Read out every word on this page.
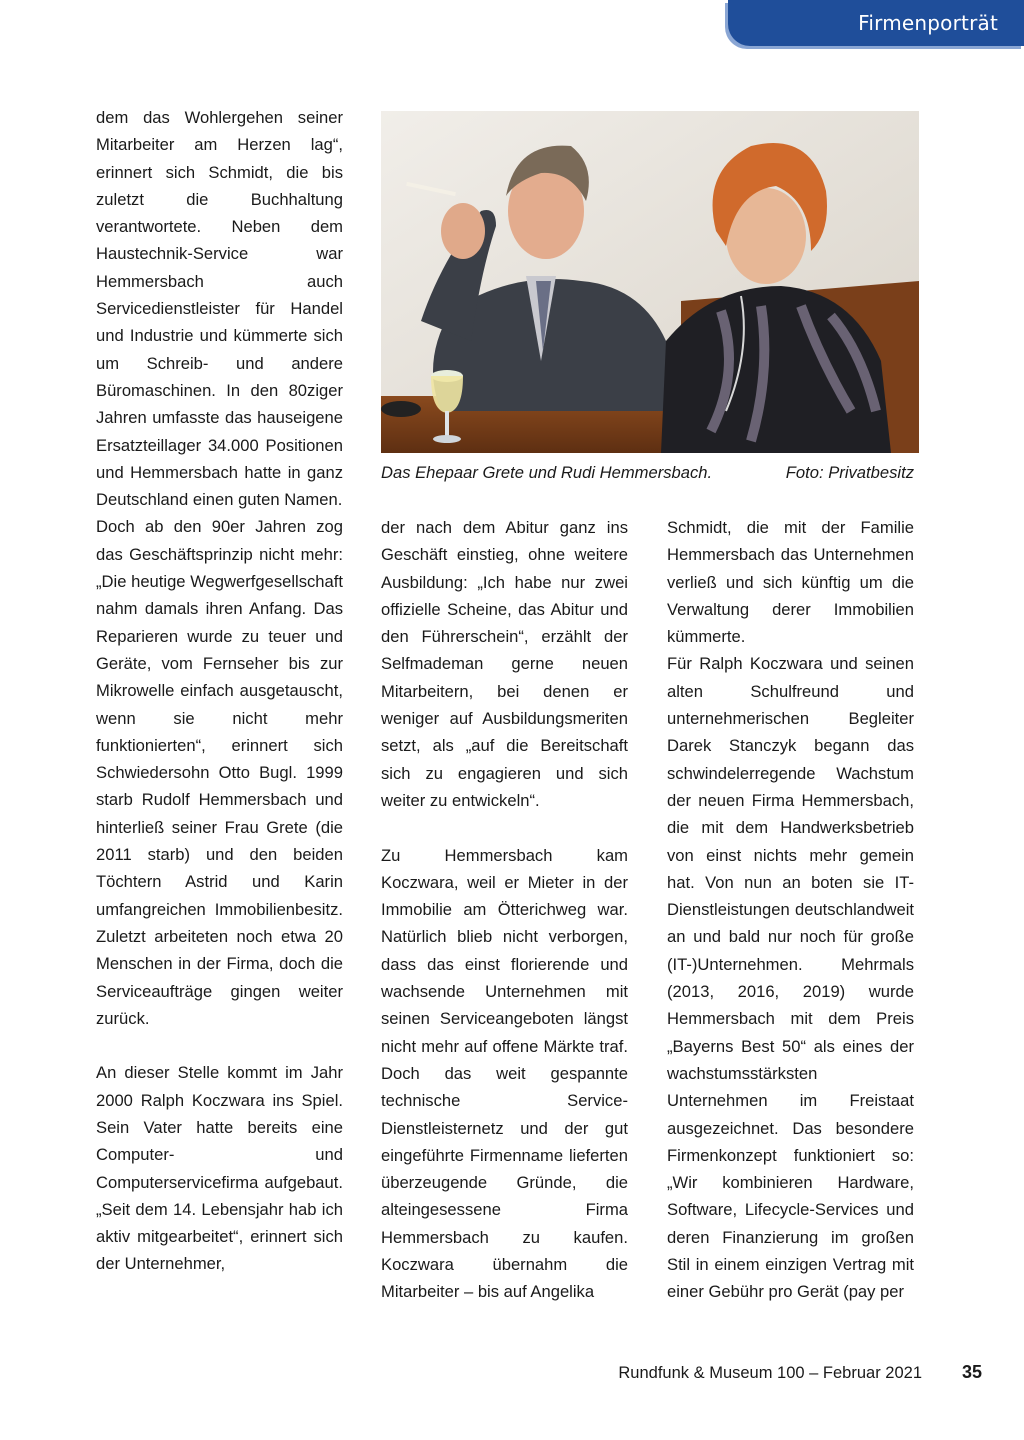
Firmenporträt

dem das Wohlergehen seiner Mitarbeiter am Herzen lag“, erinnert sich Schmidt, die bis zuletzt die Buchhaltung verantwortete. Neben dem Haustechnik-Service war Hemmersbach auch Servicedienstleister für Handel und Industrie und kümmerte sich um Schreib- und andere Büromaschinen. In den 80ziger Jahren umfasste das hauseigene Ersatzteillager 34.000 Positionen und Hemmersbach hatte in ganz Deutschland einen guten Namen.

Doch ab den 90er Jahren zog das Geschäftsprinzip nicht mehr: „Die heutige Wegwerfgesellschaft nahm damals ihren Anfang. Das Reparieren wurde zu teuer und Geräte, vom Fernseher bis zur Mikrowelle einfach ausgetauscht, wenn sie nicht mehr funktionierten“, erinnert sich Schwiedersohn Otto Bugl. 1999 starb Rudolf Hemmersbach und hinterließ seiner Frau Grete (die 2011 starb) und den beiden Töchtern Astrid und Karin umfangreichen Immobilienbesitz. Zuletzt arbeiteten noch etwa 20 Menschen in der Firma, doch die Serviceaufträge gingen weiter zurück.

An dieser Stelle kommt im Jahr 2000 Ralph Koczwara ins Spiel. Sein Vater hatte bereits eine Computer- und Computerservicefirma aufgebaut. „Seit dem 14. Lebensjahr hab ich aktiv mitgearbeitet“, erinnert sich der Unternehmer,

Das Ehepaar Grete und Rudi Hemmersbach.	Foto: Privatbesitz

der nach dem Abitur ganz ins Geschäft einstieg, ohne weitere Ausbildung: „Ich habe nur zwei offizielle Scheine, das Abitur und den Führerschein“, erzählt der Selfmademan gerne neuen Mitarbeitern, bei denen er weniger auf Ausbildungsmeriten setzt, als „auf die Bereitschaft sich zu engagieren und sich weiter zu entwickeln“.

Zu Hemmersbach kam Koczwara, weil er Mieter in der Immobilie am Ötterichweg war. Natürlich blieb nicht verborgen, dass das einst florierende und wachsende Unternehmen mit seinen Serviceangeboten längst nicht mehr auf offene Märkte traf. Doch das weit gespannte technische Service-Dienstleisternetz und der gut eingeführte Firmenname lieferten überzeugende Gründe, die alteingesessene Firma Hemmersbach zu kaufen. Koczwara übernahm die Mitarbeiter – bis auf Angelika

Schmidt, die mit der Familie Hemmersbach das Unternehmen verließ und sich künftig um die Verwaltung derer Immobilien kümmerte.

Für Ralph Koczwara und seinen alten Schulfreund und unternehmerischen Begleiter Darek Stanczyk begann das schwindelerregende Wachstum der neuen Firma Hemmersbach, die mit dem Handwerksbetrieb von einst nichts mehr gemein hat. Von nun an boten sie IT-Dienstleistungen deutschlandweit an und bald nur noch für große (IT-)Unternehmen. Mehrmals (2013, 2016, 2019) wurde Hemmersbach mit dem Preis „Bayerns Best 50“ als eines der wachstumsstärksten Unternehmen im Freistaat ausgezeichnet. Das besondere Firmenkonzept funktioniert so: „Wir kombinieren Hardware, Software, Lifecycle-Services und deren Finanzierung im großen Stil in einem einzigen Vertrag mit einer Gebühr pro Gerät (pay per

Rundfunk & Museum 100 – Februar 2021 35
